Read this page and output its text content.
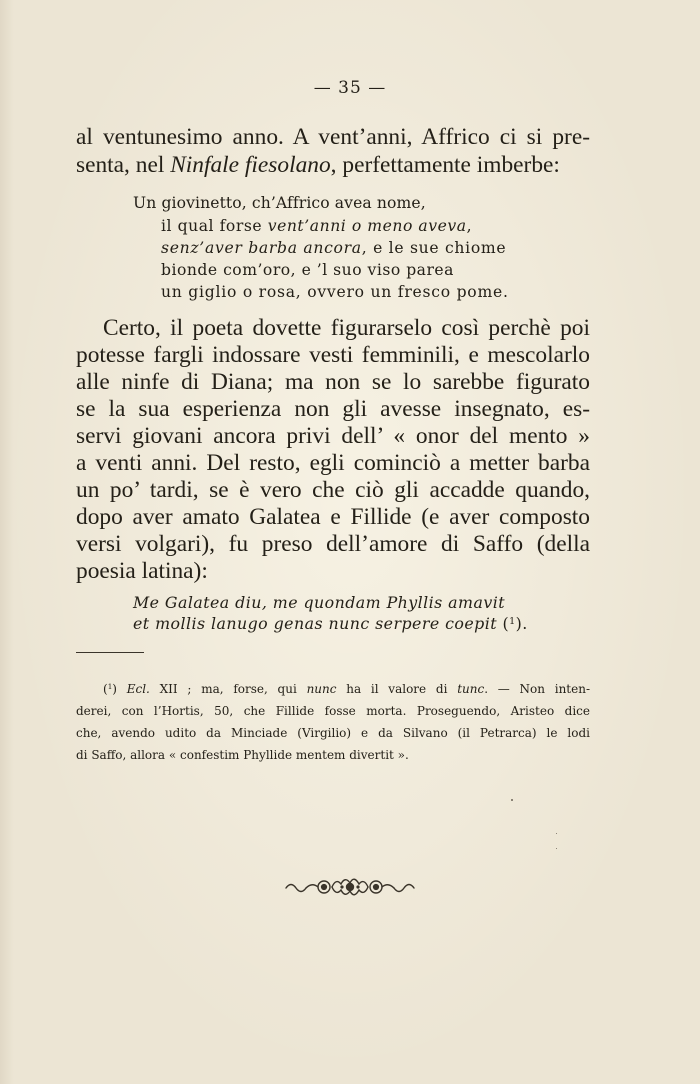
— 35 —
al ventunesimo anno. A vent’anni, Affrico ci si pre-
senta, nel Ninfale fiesolano, perfettamente imberbe:
Un giovinetto, ch’Affrico avea nome,
il qual forse vent’anni o meno aveva,
senz’aver barba ancora, e le sue chiome
bionde com’oro, e ’l suo viso parea
un giglio o rosa, ovvero un fresco pome.
Certo, il poeta dovette figurarselo così perchè poi
potesse fargli indossare vesti femminili, e mescolarlo
alle ninfe di Diana; ma non se lo sarebbe figurato
se la sua esperienza non gli avesse insegnato, es-
servi giovani ancora privi dell’ « onor del mento »
a venti anni. Del resto, egli cominciò a metter barba
un po’ tardi, se è vero che ciò gli accadde quando,
dopo aver amato Galatea e Fillide (e aver composto
versi volgari), fu preso dell’amore di Saffo (della
poesia latina):
Me Galatea diu, me quondam Phyllis amavit
et mollis lanugo genas nunc serpere coepit ($^1$).
($^1$) Ecl. XII ; ma, forse, qui nunc ha il valore di tunc. — Non inten-
derei, con l’Hortis, 50, che Fillide fosse morta. Proseguendo, Aristeo dice
che, avendo udito da Minciade (Virgilio) e da Silvano (il Petrarca) le lodi
di Saffo, allora « confestim Phyllide mentem divertit ».
